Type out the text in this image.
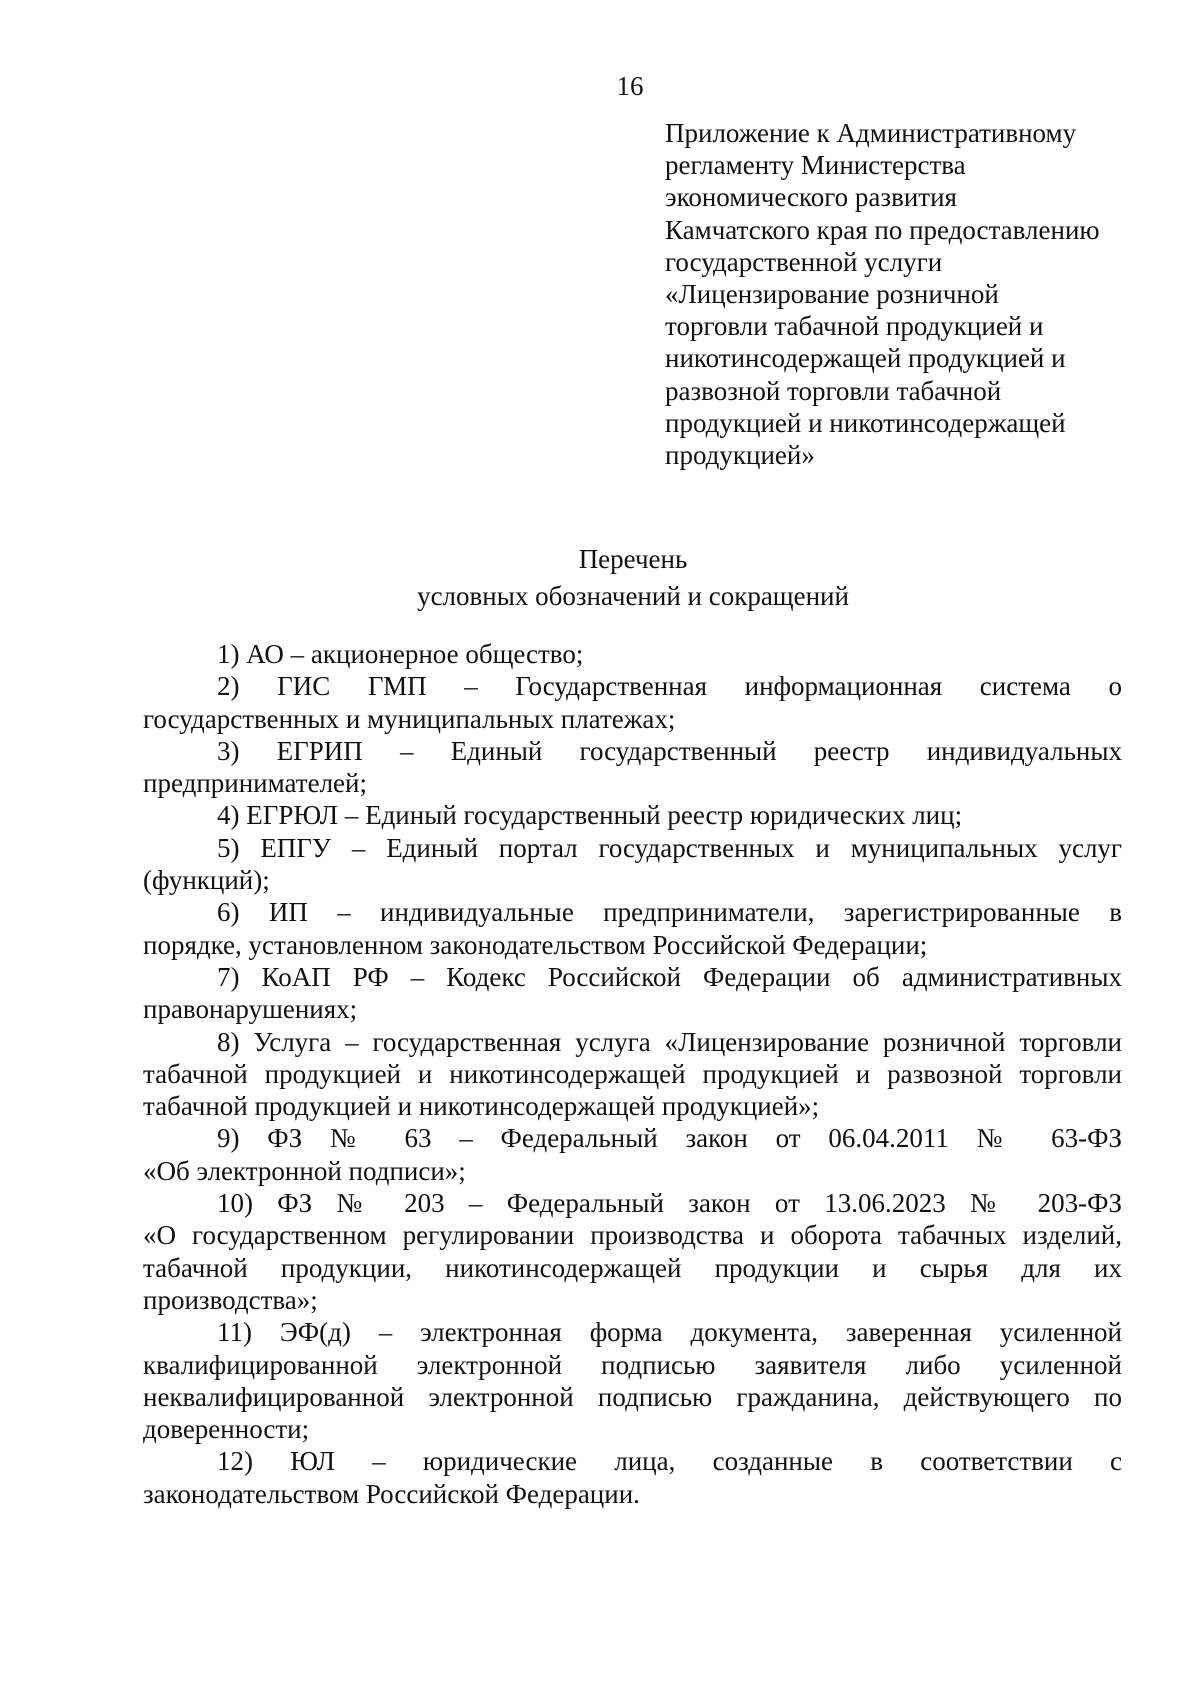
16
Приложение к Административному
регламенту Министерства
экономического развития
Камчатского края по предоставлению
государственной услуги
«Лицензирование розничной
торговли табачной продукцией и
никотинсодержащей продукцией и
развозной торговли табачной
продукцией и никотинсодержащей
продукцией»
Перечень
условных обозначений и сокращений
1) АО – акционерное общество;
2) ГИС ГМП – Государственная информационная система о
государственных и муниципальных платежах;
3) ЕГРИП – Единый государственный реестр индивидуальных
предпринимателей;
4) ЕГРЮЛ – Единый государственный реестр юридических лиц;
5) ЕПГУ – Единый портал государственных и муниципальных услуг
(функций);
6) ИП – индивидуальные предприниматели, зарегистрированные в
порядке, установленном законодательством Российской Федерации;
7) КоАП РФ – Кодекс Российской Федерации об административных
правонарушениях;
8) Услуга – государственная услуга «Лицензирование розничной торговли
табачной продукцией и никотинсодержащей продукцией и развозной торговли
табачной продукцией и никотинсодержащей продукцией»;
9) ФЗ № 63 – Федеральный закон от 06.04.2011 № 63-ФЗ
«Об электронной подписи»;
10) ФЗ № 203 – Федеральный закон от 13.06.2023 № 203-ФЗ
«О государственном регулировании производства и оборота табачных изделий,
табачной продукции, никотинсодержащей продукции и сырья для их
производства»;
11) ЭФ(д) – электронная форма документа, заверенная усиленной
квалифицированной электронной подписью заявителя либо усиленной
неквалифицированной электронной подписью гражданина, действующего по
доверенности;
12) ЮЛ – юридические лица, созданные в соответствии с
законодательством Российской Федерации.
